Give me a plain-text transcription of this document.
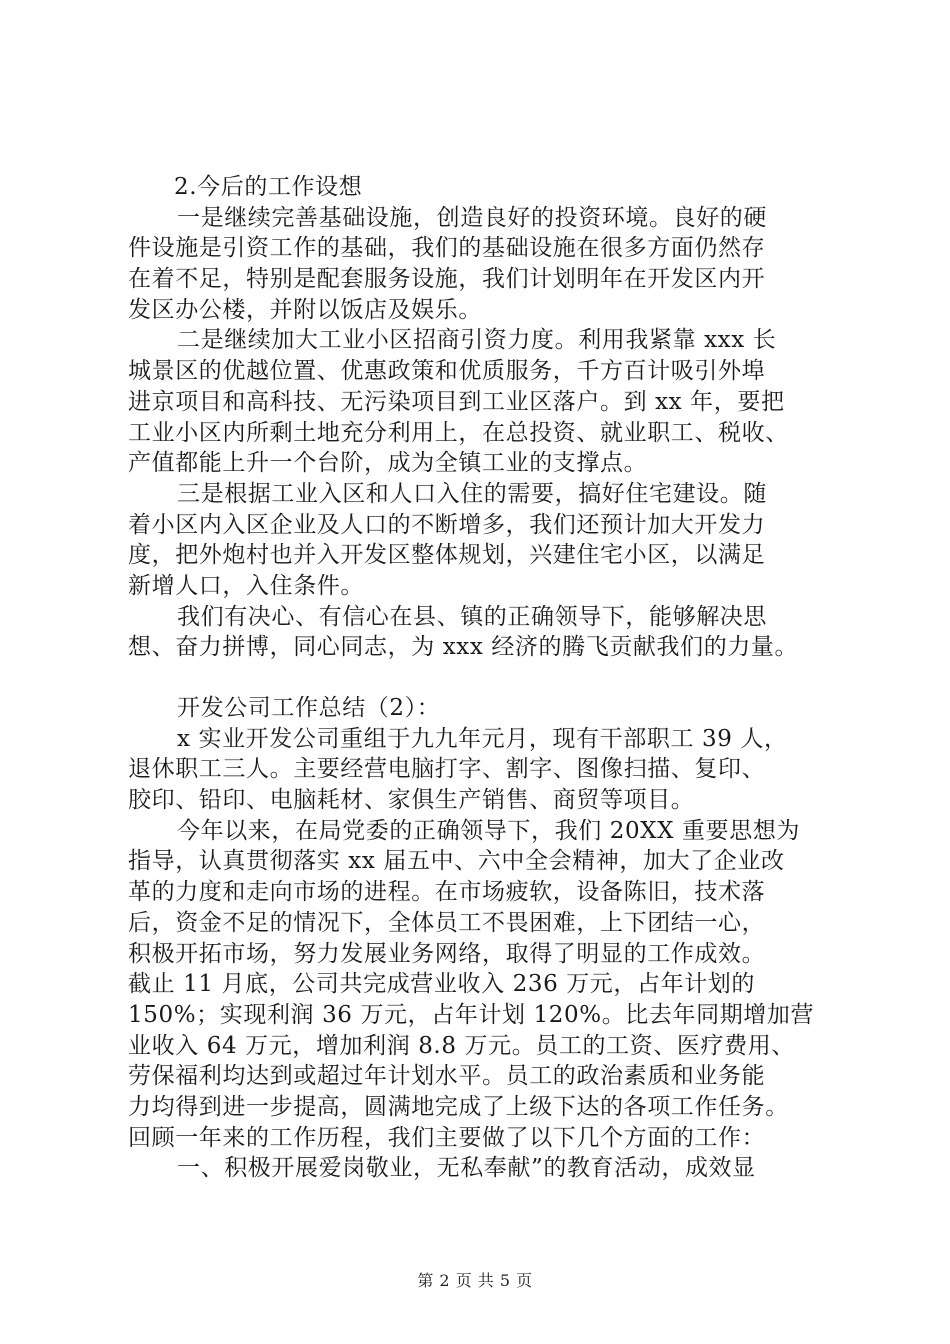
2.今后的工作设想
一是继续完善基础设施，创造良好的投资环境。良好的硬
件设施是引资工作的基础，我们的基础设施在很多方面仍然存
在着不足，特别是配套服务设施，我们计划明年在开发区内开
发区办公楼，并附以饭店及娱乐。
二是继续加大工业小区招商引资力度。利用我紧靠 xxx 长
城景区的优越位置、优惠政策和优质服务，千方百计吸引外埠
进京项目和高科技、无污染项目到工业区落户。到 xx 年，要把
工业小区内所剩土地充分利用上，在总投资、就业职工、税收、
产值都能上升一个台阶，成为全镇工业的支撑点。
三是根据工业入区和人口入住的需要，搞好住宅建设。随
着小区内入区企业及人口的不断增多，我们还预计加大开发力
度，把外炮村也并入开发区整体规划，兴建住宅小区，以满足
新增人口，入住条件。
我们有决心、有信心在县、镇的正确领导下，能够解决思
想、奋力拼博，同心同志，为 xxx 经济的腾飞贡献我们的力量。
开发公司工作总结（2）：
x 实业开发公司重组于九九年元月，现有干部职工 39 人，
退休职工三人。主要经营电脑打字、割字、图像扫描、复印、
胶印、铅印、电脑耗材、家俱生产销售、商贸等项目。
今年以来，在局党委的正确领导下，我们 20XX 重要思想为
指导，认真贯彻落实 xx 届五中、六中全会精神，加大了企业改
革的力度和走向市场的进程。在市场疲软，设备陈旧，技术落
后，资金不足的情况下，全体员工不畏困难，上下团结一心，
积极开拓市场，努力发展业务网络，取得了明显的工作成效。
截止 11 月底，公司共完成营业收入 236 万元，占年计划的
150%；实现利润 36 万元，占年计划 120%。比去年同期增加营
业收入 64 万元，增加利润 8.8 万元。员工的工资、医疗费用、
劳保福利均达到或超过年计划水平。员工的政治素质和业务能
力均得到进一步提高，圆满地完成了上级下达的各项工作任务。
回顾一年来的工作历程，我们主要做了以下几个方面的工作：
一、积极开展爱岗敬业，无私奉献”的教育活动，成效显
第 2 页 共 5 页
